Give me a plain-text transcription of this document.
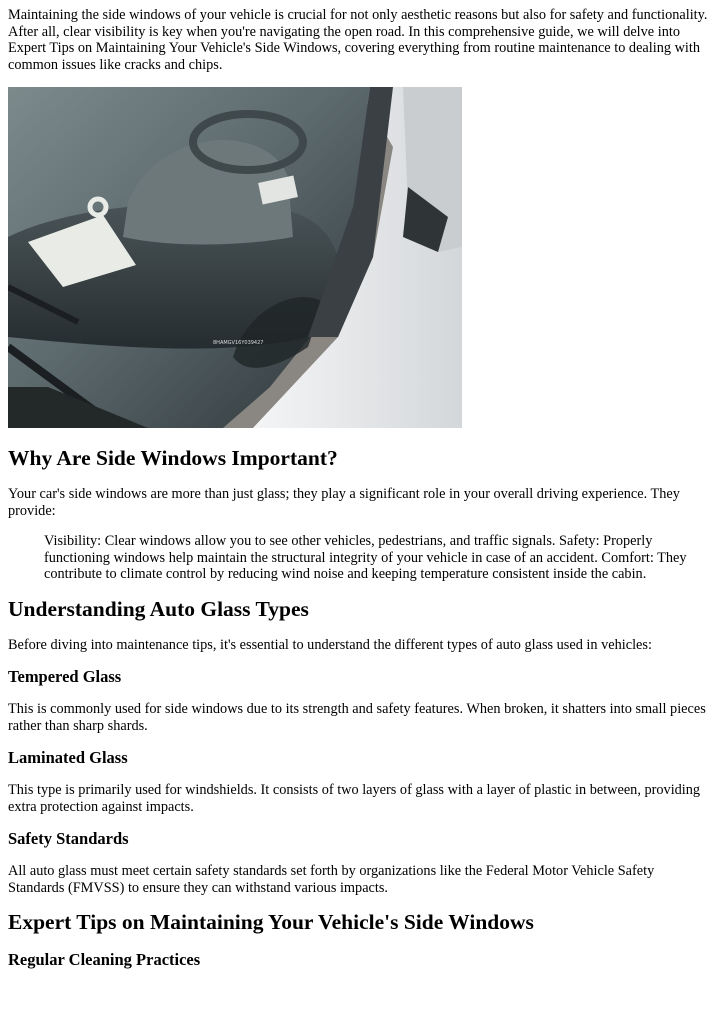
Maintaining the side windows of your vehicle is crucial for not only aesthetic reasons but also for safety and functionality. After all, clear visibility is key when you're navigating the open road. In this comprehensive guide, we will delve into Expert Tips on Maintaining Your Vehicle's Side Windows, covering everything from routine maintenance to dealing with common issues like cracks and chips.

8HAMGV16Y039427
Why Are Side Windows Important?

Your car's side windows are more than just glass; they play a significant role in your overall driving experience. They provide:

Visibility: Clear windows allow you to see other vehicles, pedestrians, and traffic signals. Safety: Properly functioning windows help maintain the structural integrity of your vehicle in case of an accident. Comfort: They contribute to climate control by reducing wind noise and keeping temperature consistent inside the cabin.
Understanding Auto Glass Types

Before diving into maintenance tips, it's essential to understand the different types of auto glass used in vehicles:

Tempered Glass

This is commonly used for side windows due to its strength and safety features. When broken, it shatters into small pieces rather than sharp shards.

Laminated Glass

This type is primarily used for windshields. It consists of two layers of glass with a layer of plastic in between, providing extra protection against impacts.

Safety Standards

All auto glass must meet certain safety standards set forth by organizations like the Federal Motor Vehicle Safety Standards (FMVSS) to ensure they can withstand various impacts.

Expert Tips on Maintaining Your Vehicle's Side Windows
Regular Cleaning Practices
